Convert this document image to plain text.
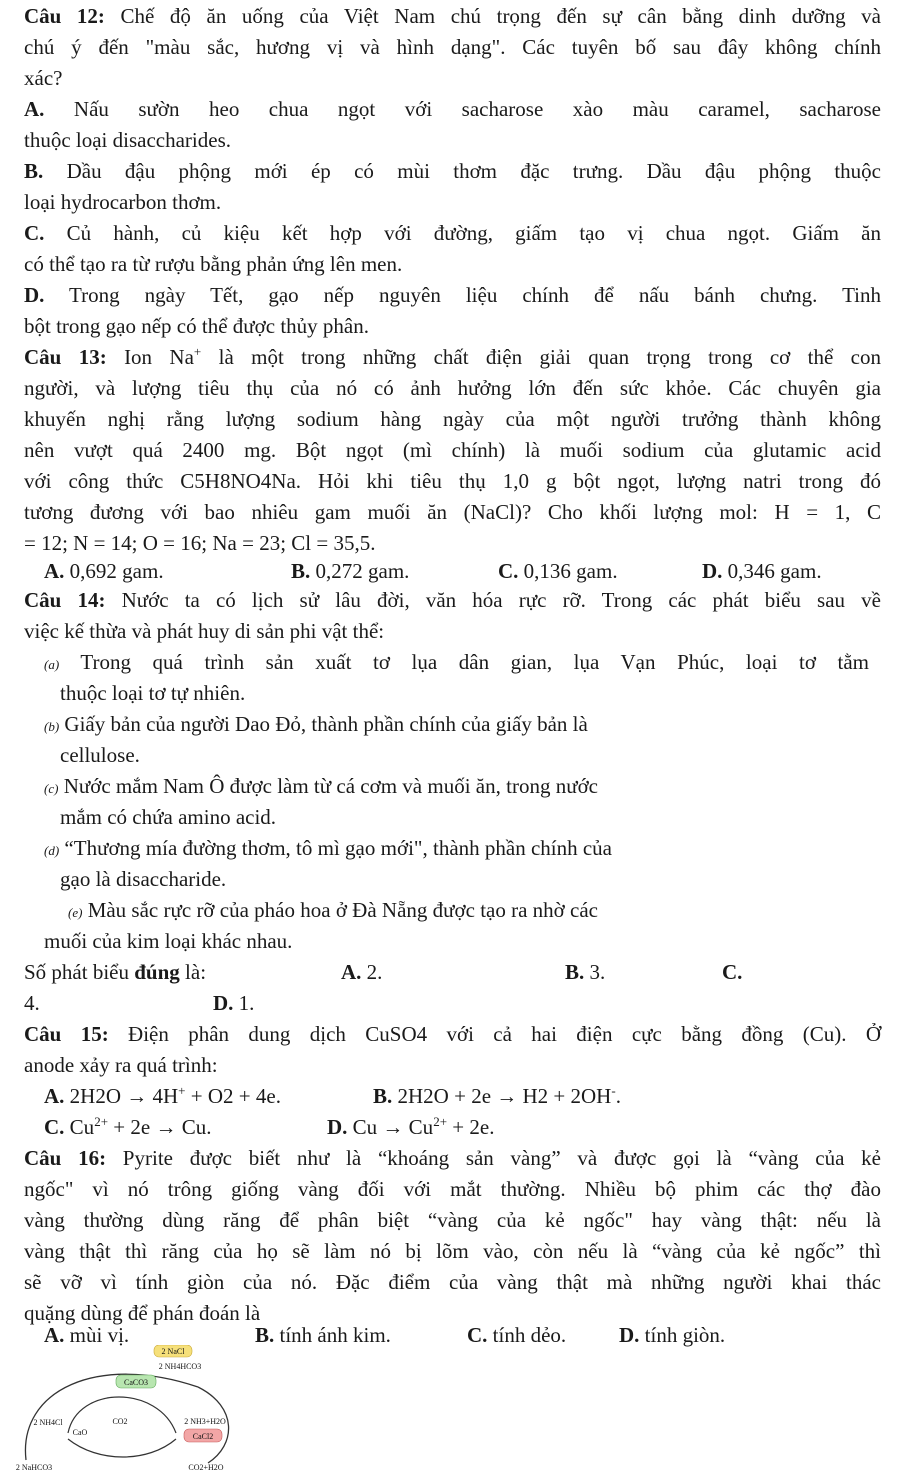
Câu 12: Chế độ ăn uống của Việt Nam chú trọng đến sự cân bằng dinh dưỡng và
chú ý đến "màu sắc, hương vị và hình dạng". Các tuyên bố sau đây không chính
xác?
A. Nấu sườn heo chua ngọt với sacharose xào màu caramel, sacharose
thuộc loại disaccharides.
B. Dầu đậu phộng mới ép có mùi thơm đặc trưng. Dầu đậu phộng thuộc
loại hydrocarbon thơm.
C. Củ hành, củ kiệu kết hợp với đường, giấm tạo vị chua ngọt. Giấm ăn
có thể tạo ra từ rượu bằng phản ứng lên men.
D. Trong ngày Tết, gạo nếp nguyên liệu chính để nấu bánh chưng. Tinh
bột trong gạo nếp có thể được thủy phân.
Câu 13: Ion Na+ là một trong những chất điện giải quan trọng trong cơ thể con
người, và lượng tiêu thụ của nó có ảnh hưởng lớn đến sức khỏe. Các chuyên gia
khuyến nghị rằng lượng sodium hàng ngày của một người trưởng thành không
nên vượt quá 2400 mg. Bột ngọt (mì chính) là muối sodium của glutamic acid
với công thức C5H8NO4Na. Hỏi khi tiêu thụ 1,0 g bột ngọt, lượng natri trong đó
tương đương với bao nhiêu gam muối ăn (NaCl)? Cho khối lượng mol: H = 1, C
= 12; N = 14; O = 16; Na = 23; Cl = 35,5.
A. 0,692 gam.	B. 0,272 gam.	C. 0,136 gam.	D. 0,346 gam.
Câu 14: Nước ta có lịch sử lâu đời, văn hóa rực rỡ. Trong các phát biểu sau về
việc kế thừa và phát huy di sản phi vật thể:
(a) Trong quá trình sản xuất tơ lụa dân gian, lụa Vạn Phúc, loại tơ tằm
thuộc loại tơ tự nhiên.
(b) Giấy bản của người Dao Đỏ, thành phần chính của giấy bản là
cellulose.
(c) Nước mắm Nam Ô được làm từ cá cơm và muối ăn, trong nước
mắm có chứa amino acid.
(d) “Thương mía đường thơm, tô mì gạo mới", thành phần chính của
gạo là disaccharide.
(e) Màu sắc rực rỡ của pháo hoa ở Đà Nẵng được tạo ra nhờ các
muối của kim loại khác nhau.
Số phát biểu đúng là:	A. 2.	B. 3.	C.
4.	D. 1.
Câu 15: Điện phân dung dịch CuSO4 với cả hai điện cực bằng đồng (Cu). Ở
anode xảy ra quá trình:
A. 2H2O → 4H+ + O2 + 4e.	B. 2H2O + 2e → H2 + 2OH-.
C. $Cu^{2+} + 2e \to Cu$.	D. $Cu \to Cu^{2+} + 2e$.
Câu 16: Pyrite được biết như là “khoáng sản vàng” và được gọi là “vàng của kẻ
ngốc" vì nó trông giống vàng đối với mắt thường. Nhiều bộ phim các thợ đào
vàng thường dùng răng để phân biệt “vàng của kẻ ngốc" hay vàng thật: nếu là
vàng thật thì răng của họ sẽ làm nó bị lõm vào, còn nếu là “vàng của kẻ ngốc” thì
sẽ vỡ vì tính giòn của nó. Đặc điểm của vàng thật mà những người khai thác
quặng dùng để phán đoán là
A. mùi vị.	B. tính ánh kim.	C. tính dẻo.	D. tính giòn.
2 NaCl
2 NH4HCO3
CaCO3
2 NH4Cl	CO2	2 NH3+H2O
CaO	CaCl2
2 NaHCO3	CO2+H2O
